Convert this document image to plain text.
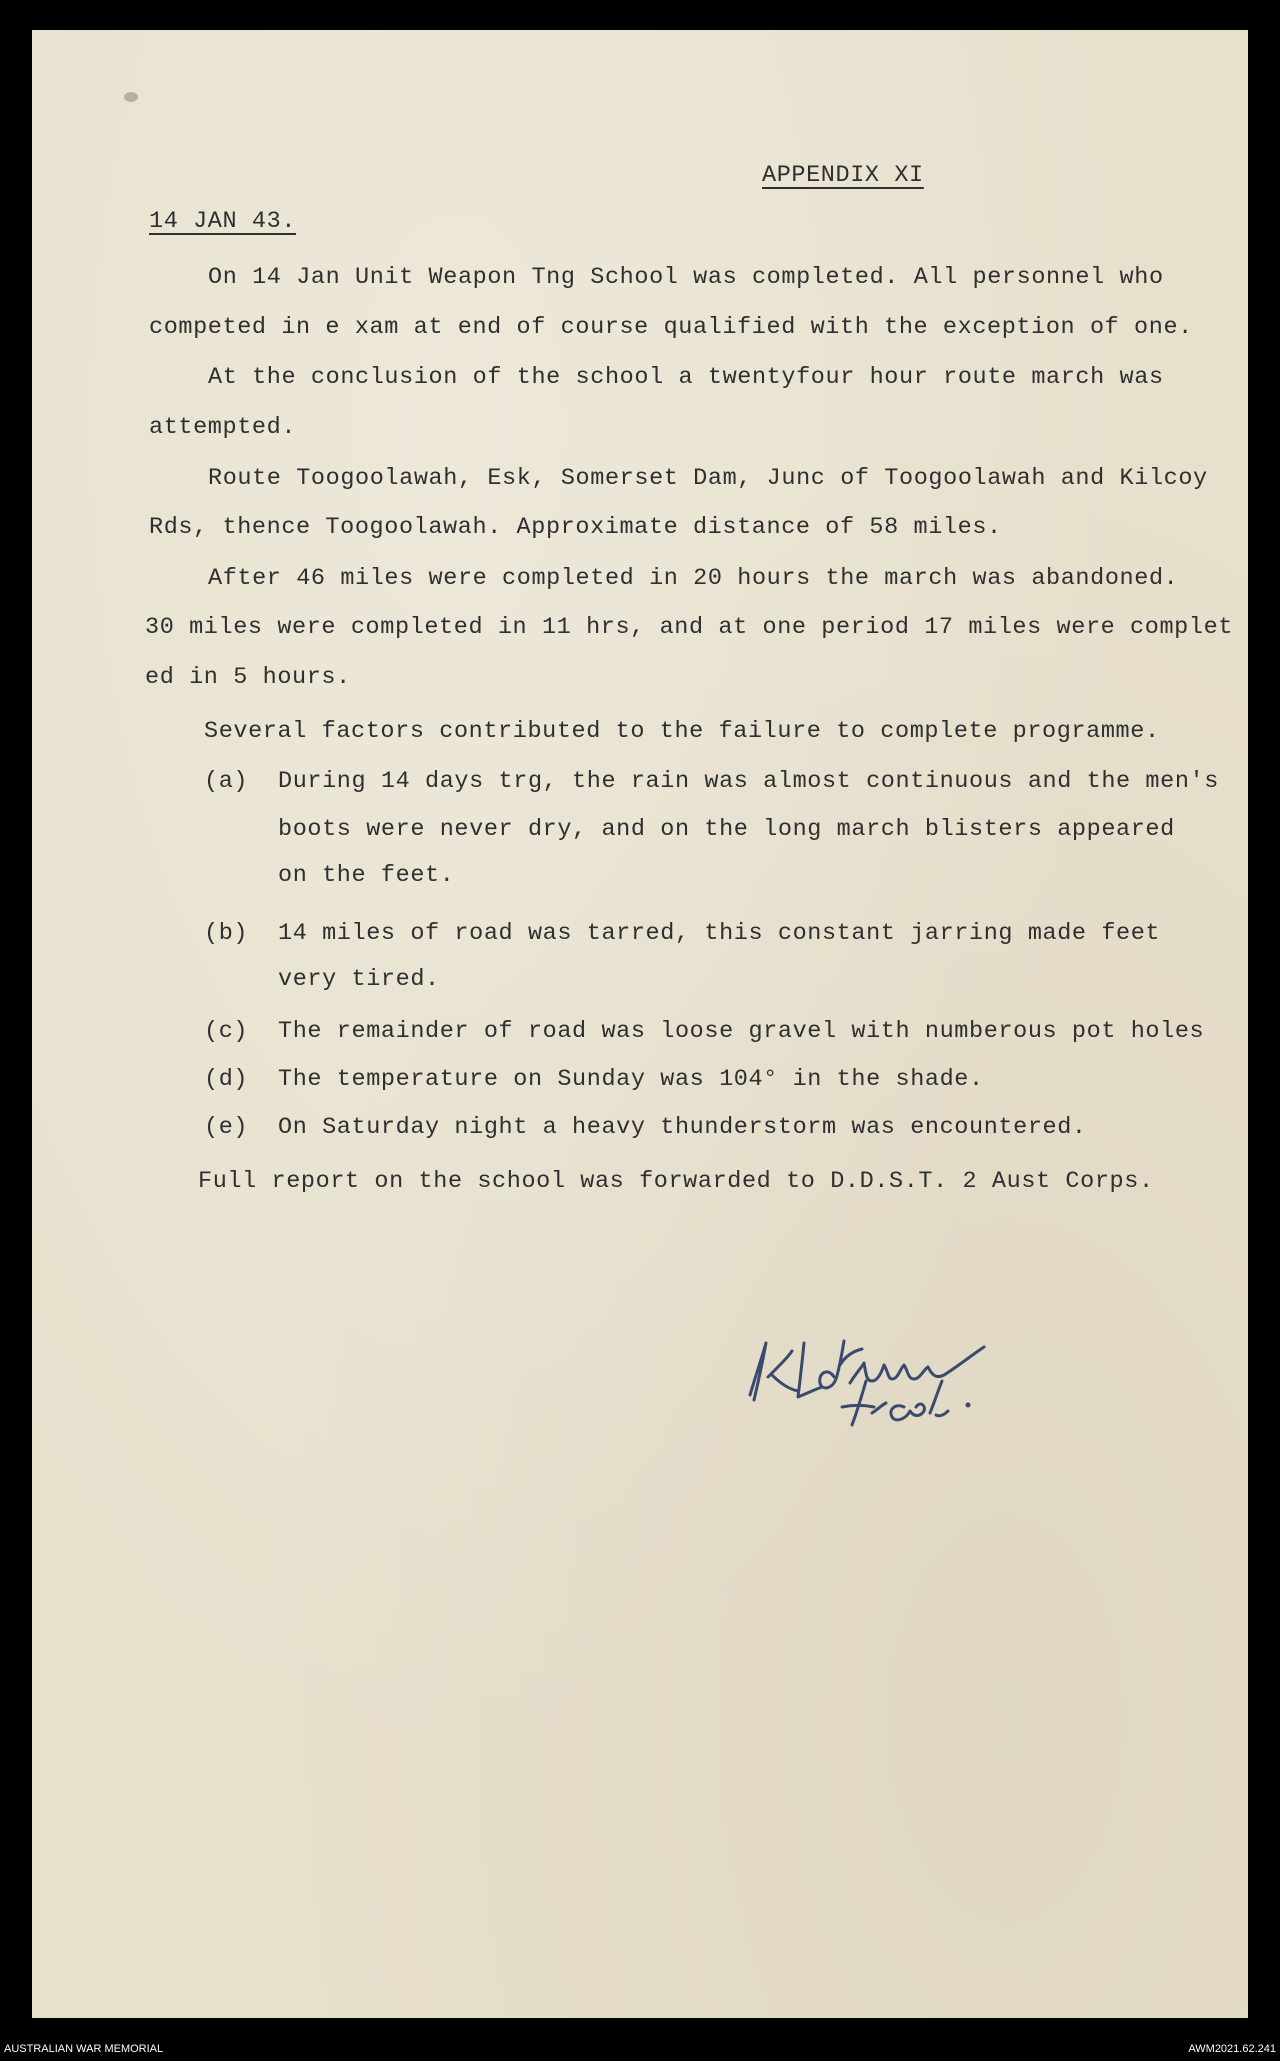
APPENDIX XI
14 JAN 43.
On 14 Jan Unit Weapon Tng School was completed. All personnel who
competed in e xam at end of course qualified with the exception of one.
At the conclusion of the school a twentyfour hour route march was
attempted.
Route Toogoolawah, Esk, Somerset Dam, Junc of Toogoolawah and Kilcoy
Rds, thence Toogoolawah. Approximate distance of 58 miles.
After 46 miles were completed in 20 hours the march was abandoned.
30 miles were completed in 11 hrs, and at one period 17 miles were complet
ed in 5 hours.
Several factors contributed to the failure to complete programme.
(a) During 14 days trg, the rain was almost continuous and the men's
boots were never dry, and on the long march blisters appeared
on the feet.
(b) 14 miles of road was tarred, this constant jarring made feet
very tired.
(c) The remainder of road was loose gravel with numberous pot holes
(d) The temperature on Sunday was 104° in the shade.
(e) On Saturday night a heavy thunderstorm was encountered.
Full report on the school was forwarded to D.D.S.T. 2 Aust Corps.
AUSTRALIAN WAR MEMORIAL	AWM2021.62.241
